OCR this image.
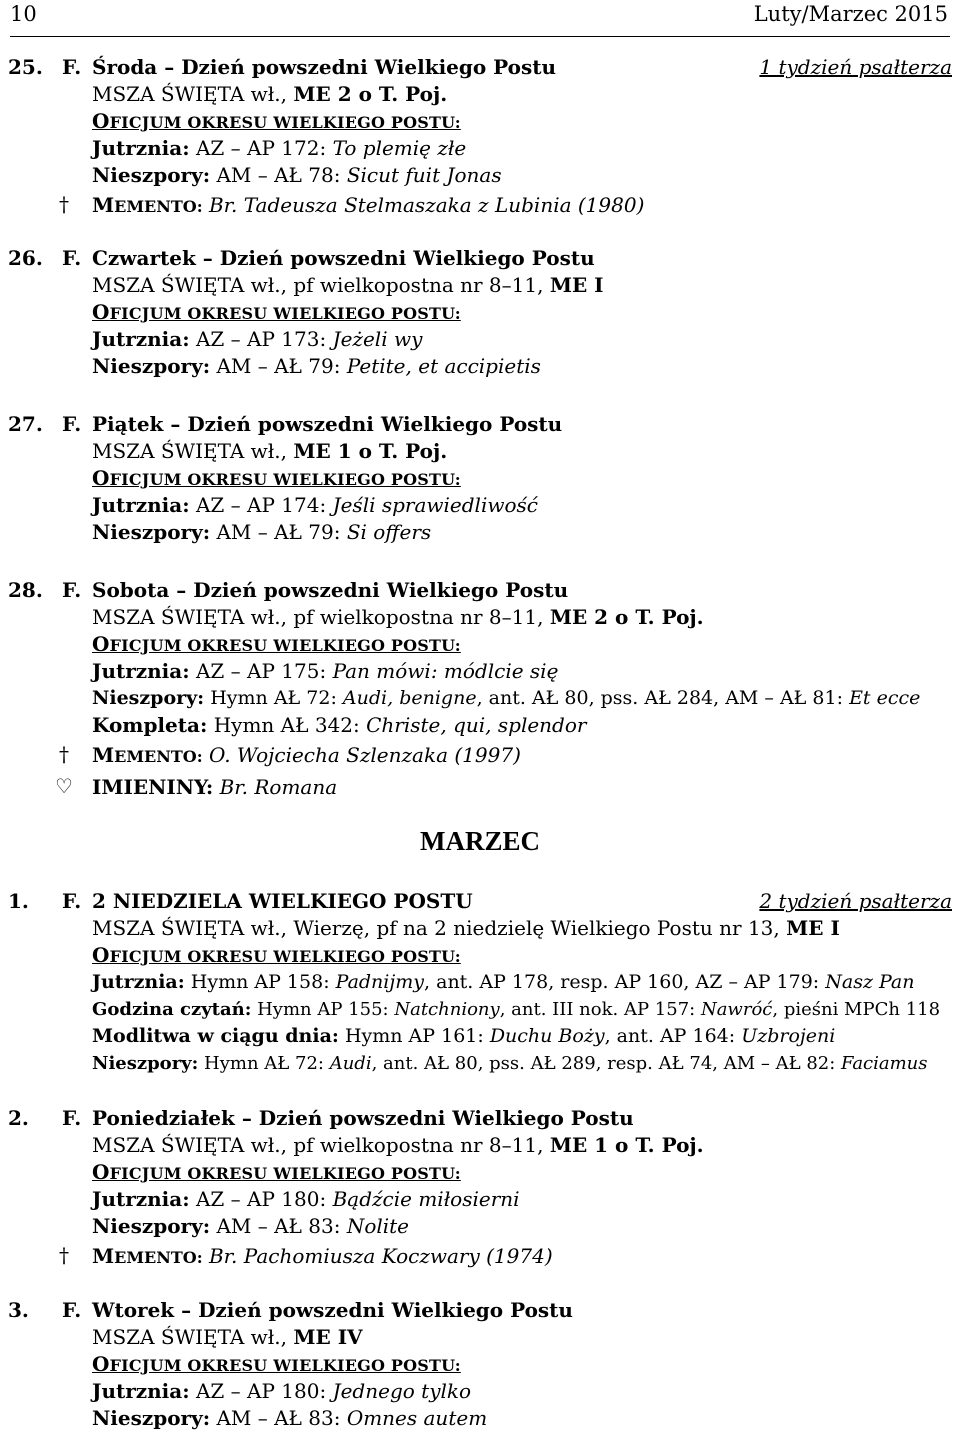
10	Luty/Marzec 2015
25. F. Środa – Dzień powszedni Wielkiego Postu	1 tydzień psałterza
MSZA ŚWIĘTA wł., ME 2 o T. Poj.
OFICJUM OKRESU WIELKIEGO POSTU:
Jutrznia: AZ – AP 172: To plemię złe
Nieszpory: AM – AŁ 78: Sicut fuit Jonas
† MEMENTO: Br. Tadeusza Stelmaszaka z Lubinia (1980)
26. F. Czwartek – Dzień powszedni Wielkiego Postu
MSZA ŚWIĘTA wł., pf wielkopostna nr 8–11, ME I
OFICJUM OKRESU WIELKIEGO POSTU:
Jutrznia: AZ – AP 173: Jeżeli wy
Nieszpory: AM – AŁ 79: Petite, et accipietis
27. F. Piątek – Dzień powszedni Wielkiego Postu
MSZA ŚWIĘTA wł., ME 1 o T. Poj.
OFICJUM OKRESU WIELKIEGO POSTU:
Jutrznia: AZ – AP 174: Jeśli sprawiedliwość
Nieszpory: AM – AŁ 79: Si offers
28. F. Sobota – Dzień powszedni Wielkiego Postu
MSZA ŚWIĘTA wł., pf wielkopostna nr 8–11, ME 2 o T. Poj.
OFICJUM OKRESU WIELKIEGO POSTU:
Jutrznia: AZ – AP 175: Pan mówi: módlcie się
Nieszpory: Hymn AŁ 72: Audi, benigne, ant. AŁ 80, pss. AŁ 284, AM – AŁ 81: Et ecce
Kompleta: Hymn AŁ 342: Christe, qui, splendor
† MEMENTO: O. Wojciecha Szlenzaka (1997)
♡ IMIENINY: Br. Romana
MARZEC
1.	F. 2 NIEDZIELA WIELKIEGO POSTU	2 tydzień psałterza
MSZA ŚWIĘTA wł., Wierzę, pf na 2 niedzielę Wielkiego Postu nr 13, ME I
OFICJUM OKRESU WIELKIEGO POSTU:
Jutrznia: Hymn AP 158: Padnijmy, ant. AP 178, resp. AP 160, AZ – AP 179: Nasz Pan
Godzina czytań: Hymn AP 155: Natchniony, ant. III nok. AP 157: Nawróć, pieśni MPCh 118
Modlitwa w ciągu dnia: Hymn AP 161: Duchu Boży, ant. AP 164: Uzbrojeni
Nieszpory: Hymn AŁ 72: Audi, ant. AŁ 80, pss. AŁ 289, resp. AŁ 74, AM – AŁ 82: Faciamus
2.	F. Poniedziałek – Dzień powszedni Wielkiego Postu
MSZA ŚWIĘTA wł., pf wielkopostna nr 8–11, ME 1 o T. Poj.
OFICJUM OKRESU WIELKIEGO POSTU:
Jutrznia: AZ – AP 180: Bądźcie miłosierni
Nieszpory: AM – AŁ 83: Nolite
† MEMENTO: Br. Pachomiusza Koczwary (1974)
3.	F. Wtorek – Dzień powszedni Wielkiego Postu
MSZA ŚWIĘTA wł., ME IV
OFICJUM OKRESU WIELKIEGO POSTU:
Jutrznia: AZ – AP 180: Jednego tylko
Nieszpory: AM – AŁ 83: Omnes autem
